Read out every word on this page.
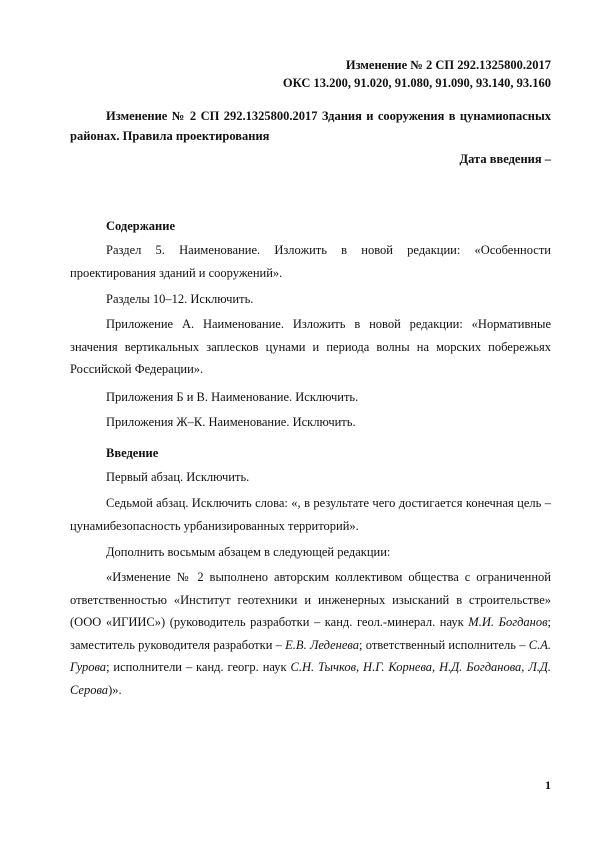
Изменение № 2 СП 292.1325800.2017
ОКС 13.200, 91.020, 91.080, 91.090, 93.140, 93.160
Изменение № 2 СП 292.1325800.2017 Здания и сооружения в цунамиопасных районах. Правила проектирования
Дата введения –
Содержание
Раздел 5. Наименование. Изложить в новой редакции: «Особенности проектирования зданий и сооружений».
Разделы 10–12. Исключить.
Приложение А. Наименование. Изложить в новой редакции: «Нормативные значения вертикальных заплесков цунами и периода волны на морских побережьях Российской Федерации».
Приложения Б и В. Наименование. Исключить.
Приложения Ж–К. Наименование. Исключить.
Введение
Первый абзац. Исключить.
Седьмой абзац. Исключить слова: «, в результате чего достигается конечная цель – цунамибезопасность урбанизированных территорий».
Дополнить восьмым абзацем в следующей редакции:
«Изменение № 2 выполнено авторским коллективом общества с ограниченной ответственностью «Институт геотехники и инженерных изысканий в строительстве» (ООО «ИГИИС») (руководитель разработки – канд. геол.-минерал. наук М.И. Богданов; заместитель руководителя разработки – Е.В. Леденева; ответственный исполнитель – С.А. Гурова; исполнители – канд. геогр. наук С.Н. Тычков, Н.Г. Корнева, Н.Д. Богданова, Л.Д. Серова)».
1
